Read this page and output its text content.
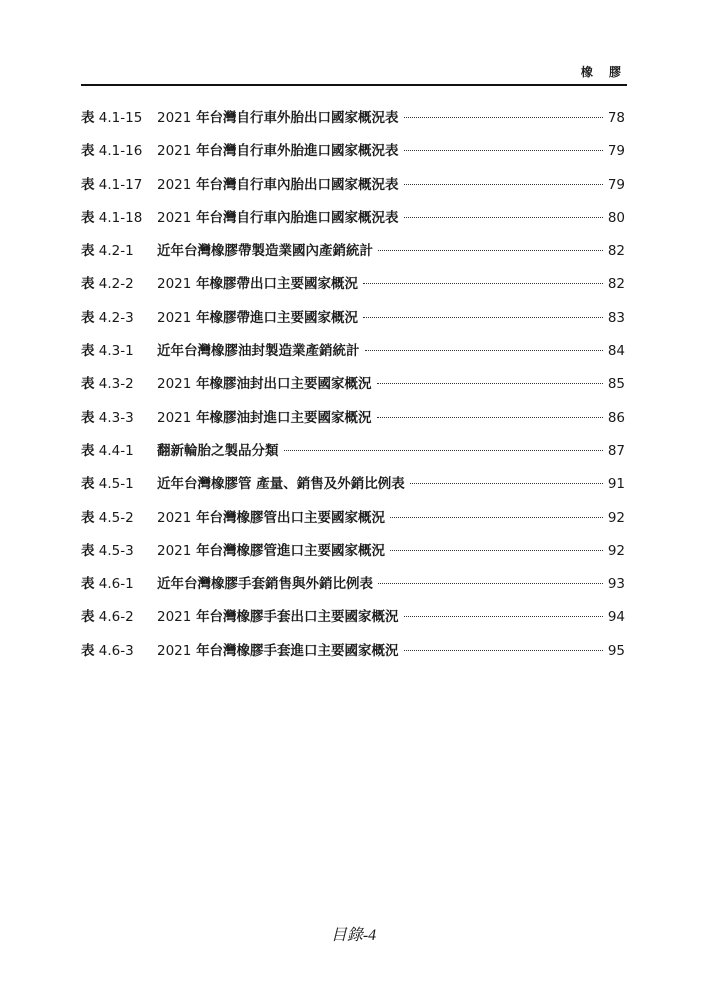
橡 膠
表 4.1-15	2021 年台灣自行車外胎出口國家概況表	78
表 4.1-16	2021 年台灣自行車外胎進口國家概況表	79
表 4.1-17	2021 年台灣自行車內胎出口國家概況表	79
表 4.1-18	2021 年台灣自行車內胎進口國家概況表	80
表 4.2-1	近年台灣橡膠帶製造業國內產銷統計	82
表 4.2-2	2021 年橡膠帶出口主要國家概況	82
表 4.2-3	2021 年橡膠帶進口主要國家概況	83
表 4.3-1	近年台灣橡膠油封製造業產銷統計	84
表 4.3-2	2021 年橡膠油封出口主要國家概況	85
表 4.3-3	2021 年橡膠油封進口主要國家概況	86
表 4.4-1	翻新輪胎之製品分類	87
表 4.5-1	近年台灣橡膠管 產量、銷售及外銷比例表	91
表 4.5-2	2021 年台灣橡膠管出口主要國家概況	92
表 4.5-3	2021 年台灣橡膠管進口主要國家概況	92
表 4.6-1	近年台灣橡膠手套銷售與外銷比例表	93
表 4.6-2	2021 年台灣橡膠手套出口主要國家概況	94
表 4.6-3	2021 年台灣橡膠手套進口主要國家概況	95
目錄-4
